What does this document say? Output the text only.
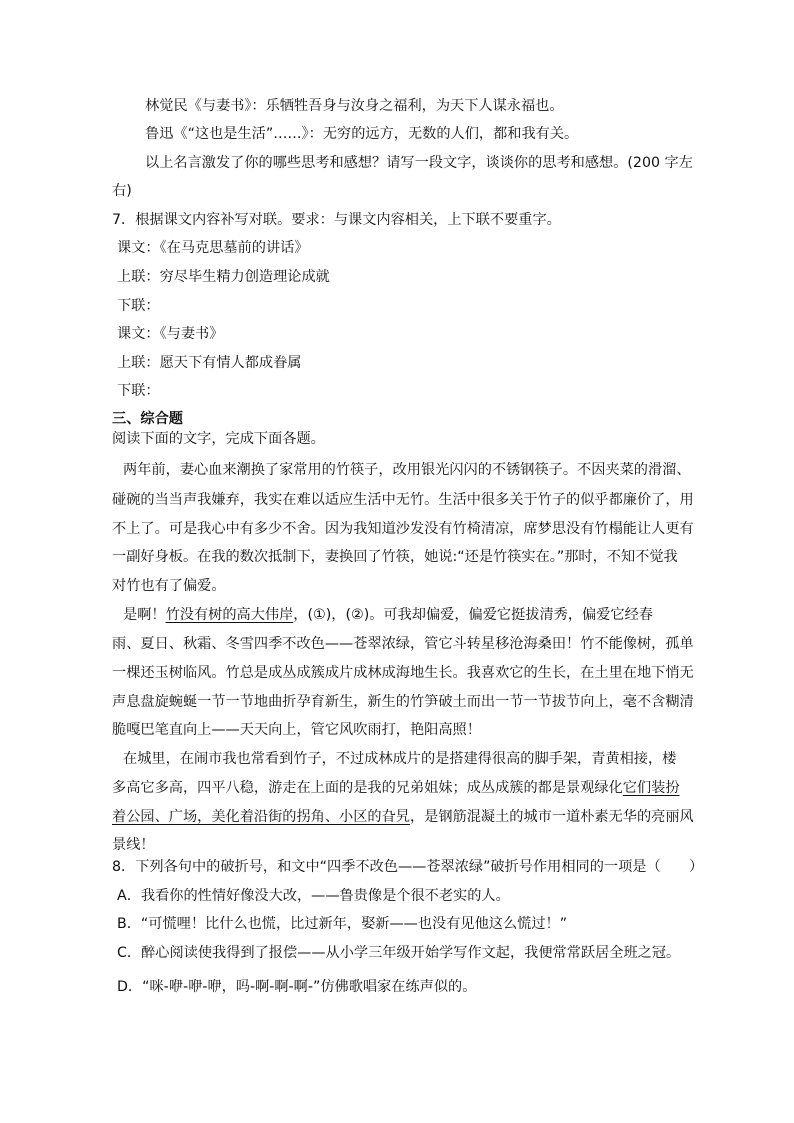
林觉民《与妻书》：乐牺牲吾身与汝身之福利，为天下人谋永福也。
鲁迅《“这也是生活”……》：无穷的远方，无数的人们，都和我有关。
以上名言激发了你的哪些思考和感想？请写一段文字，谈谈你的思考和感想。(200 字左
右)
7．根据课文内容补写对联。要求：与课文内容相关，上下联不要重字。
课文：《在马克思墓前的讲话》
上联：穷尽毕生精力创造理论成就
下联：
课文：《与妻书》
上联：愿天下有情人都成眷属
下联：
三、综合题
阅读下面的文字，完成下面各题。
两年前，妻心血来潮换了家常用的竹筷子，改用银光闪闪的不锈钢筷子。不因夹菜的滑溜、
碰碗的当当声我嫌弃，我实在难以适应生活中无竹。生活中很多关于竹子的似乎都廉价了，用
不上了。可是我心中有多少不舍。因为我知道沙发没有竹椅清凉，席梦思没有竹榻能让人更有
一副好身板。在我的数次抵制下，妻换回了竹筷，她说:“还是竹筷实在。”那时，不知不觉我
对竹也有了偏爱。
是啊！竹没有树的高大伟岸，(①)，(②)。可我却偏爱，偏爱它挺拔清秀，偏爱它经春
雨、夏日、秋霜、冬雪四季不改色——苍翠浓绿，管它斗转星移沧海桑田！竹不能像树，孤单
一棵还玉树临风。竹总是成丛成簇成片成林成海地生长。我喜欢它的生长，在土里在地下悄无
声息盘旋蜿蜒一节一节地曲折孕育新生，新生的竹笋破土而出一节一节拔节向上，毫不含糊清
脆嘎巴笔直向上——天天向上，管它风吹雨打，艳阳高照！
在城里，在闹市我也常看到竹子，不过成林成片的是搭建得很高的脚手架，青黄相接，楼
多高它多高，四平八稳，游走在上面的是我的兄弟姐妹；成丛成簇的都是景观绿化它们装扮
着公园、广场，美化着沿街的拐角、小区的旮旯，是钢筋混凝土的城市一道朴素无华的亮丽风
景线！
8．下列各句中的破折号，和文中“四季不改色——苍翠浓绿”破折号作用相同的一项是（　　）
A．我看你的性情好像没大改，——鲁贵像是个很不老实的人。
B．“可慌哩！比什么也慌，比过新年，娶新——也没有见他这么慌过！”
C．醉心阅读使我得到了报偿——从小学三年级开始学写作文起，我便常常跃居全班之冠。
D．“咪-咿-咿-咿，吗-啊-啊-啊-”仿佛歌唱家在练声似的。
